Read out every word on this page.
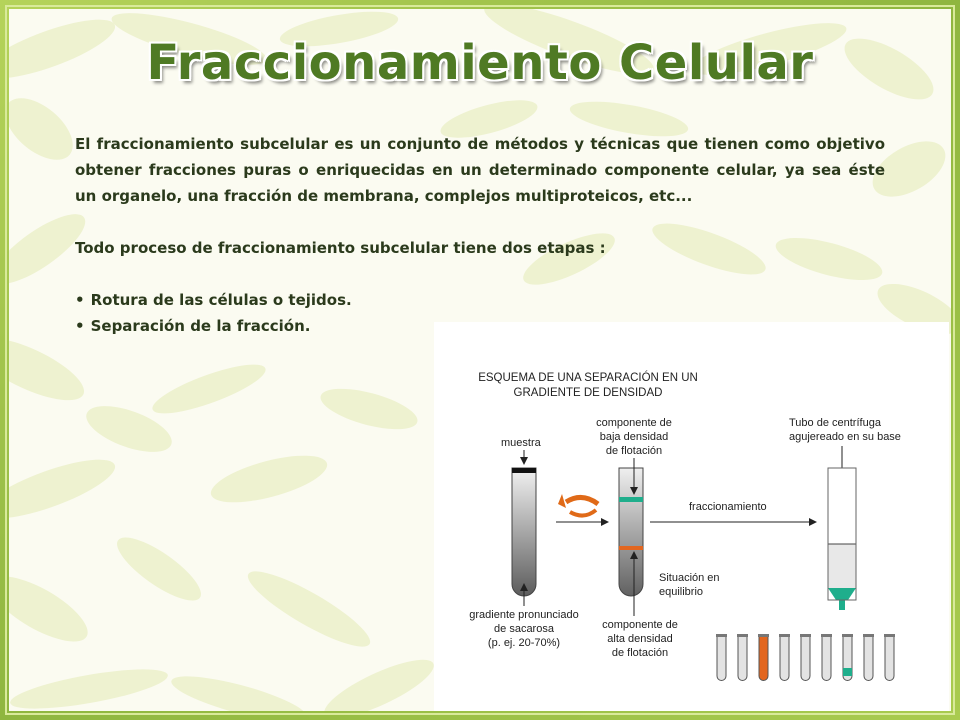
Fraccionamiento Celular
El fraccionamiento subcelular es un conjunto de métodos y técnicas que tienen como objetivo obtener fracciones puras o enriquecidas en un determinado componente celular, ya sea éste un organelo, una fracción de membrana, complejos multiproteicos, etc...
Todo proceso de fraccionamiento subcelular tiene dos etapas :
• Rotura de las células o tejidos.
• Separación de la fracción.
ESQUEMA DE UNA SEPARACIÓN EN UN
GRADIENTE DE DENSIDAD
muestra
componente de
baja densidad
de flotación
fraccionamiento
Situación en
equilibrio
gradiente pronunciado
de sacarosa
(p. ej. 20-70%)
componente de
alta densidad
de flotación
Tubo de centrífuga
agujereado en su base
